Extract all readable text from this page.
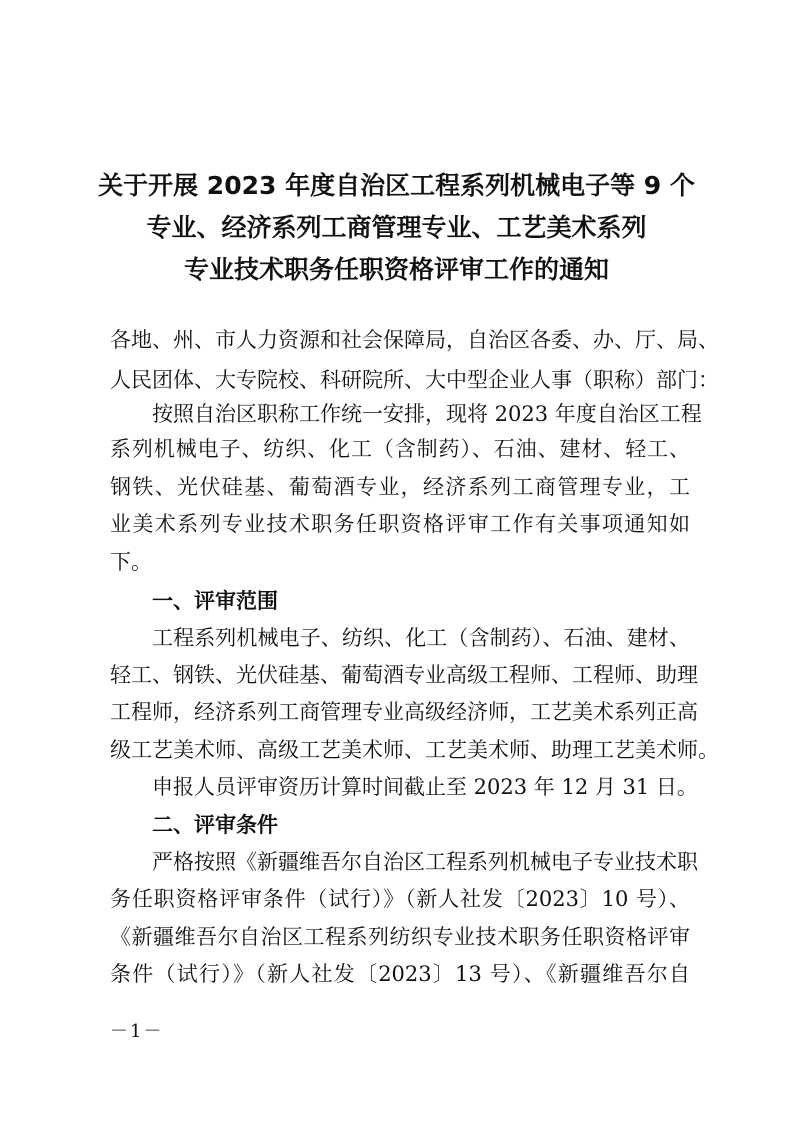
关于开展 2023 年度自治区工程系列机械电子等 9 个
专业、经济系列工商管理专业、工艺美术系列
专业技术职务任职资格评审工作的通知
各地、州、市人力资源和社会保障局，自治区各委、办、厅、局、
人民团体、大专院校、科研院所、大中型企业人事（职称）部门：
按照自治区职称工作统一安排，现将 2023 年度自治区工程
系列机械电子、纺织、化工（含制药）、石油、建材、轻工、
钢铁、光伏硅基、葡萄酒专业，经济系列工商管理专业，工
业美术系列专业技术职务任职资格评审工作有关事项通知如
下。
一、评审范围
工程系列机械电子、纺织、化工（含制药）、石油、建材、
轻工、钢铁、光伏硅基、葡萄酒专业高级工程师、工程师、助理
工程师，经济系列工商管理专业高级经济师，工艺美术系列正高
级工艺美术师、高级工艺美术师、工艺美术师、助理工艺美术师。
申报人员评审资历计算时间截止至 2023 年 12 月 31 日。
二、评审条件
严格按照《新疆维吾尔自治区工程系列机械电子专业技术职
务任职资格评审条件（试行）》（新人社发〔2023〕10 号）、
《新疆维吾尔自治区工程系列纺织专业技术职务任职资格评审
条件（试行）》（新人社发〔2023〕13 号）、《新疆维吾尔自
－1－
